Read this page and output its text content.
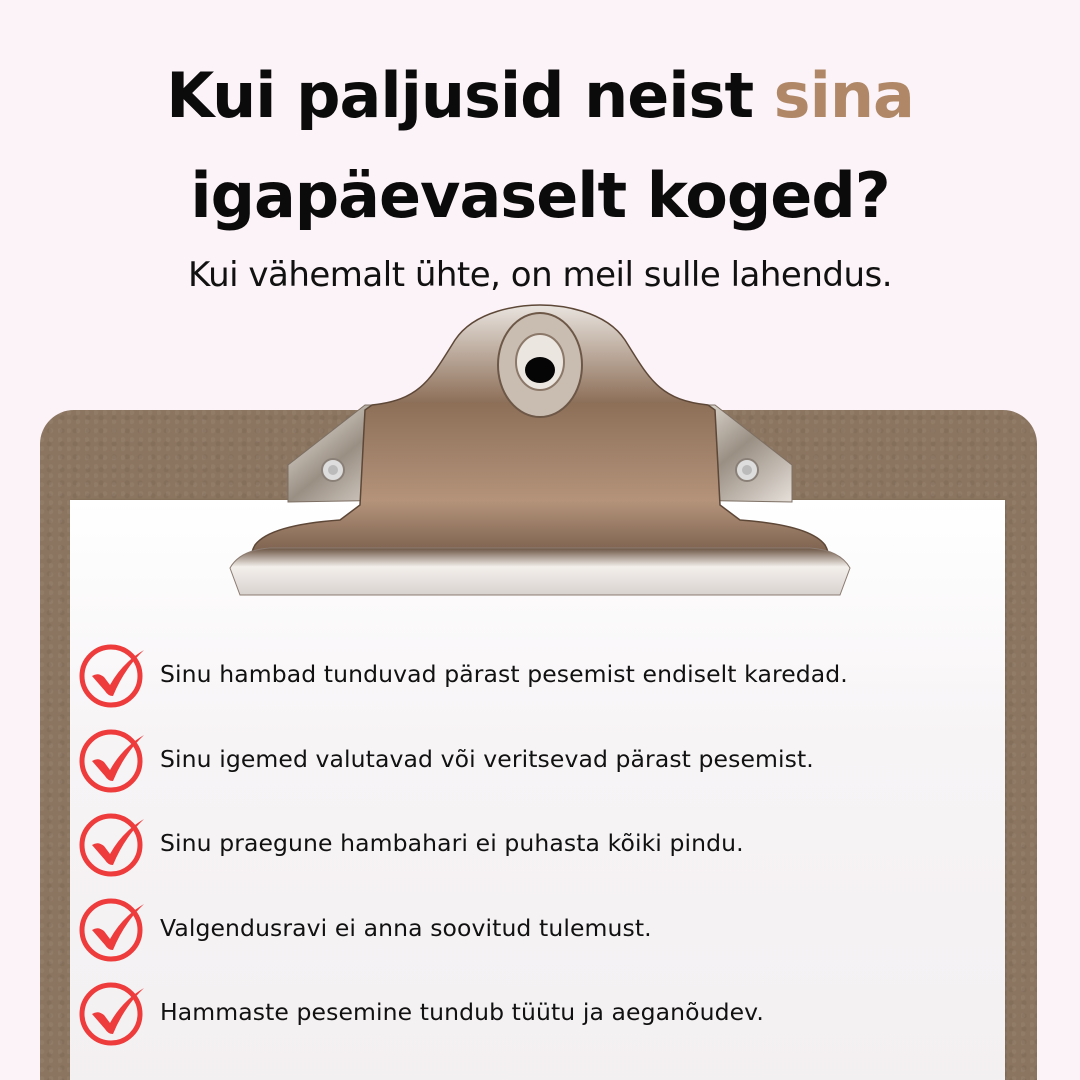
Kui paljusid neist sina
igapäevaselt koged?

Kui vähemalt ühte, on meil sulle lahendus.

Sinu hambad tunduvad pärast pesemist endiselt karedad.
Sinu igemed valutavad või veritsevad pärast pesemist.
Sinu praegune hambahari ei puhasta kõiki pindu.
Valgendusravi ei anna soovitud tulemust.
Hammaste pesemine tundub tüütu ja aeganõudev.
